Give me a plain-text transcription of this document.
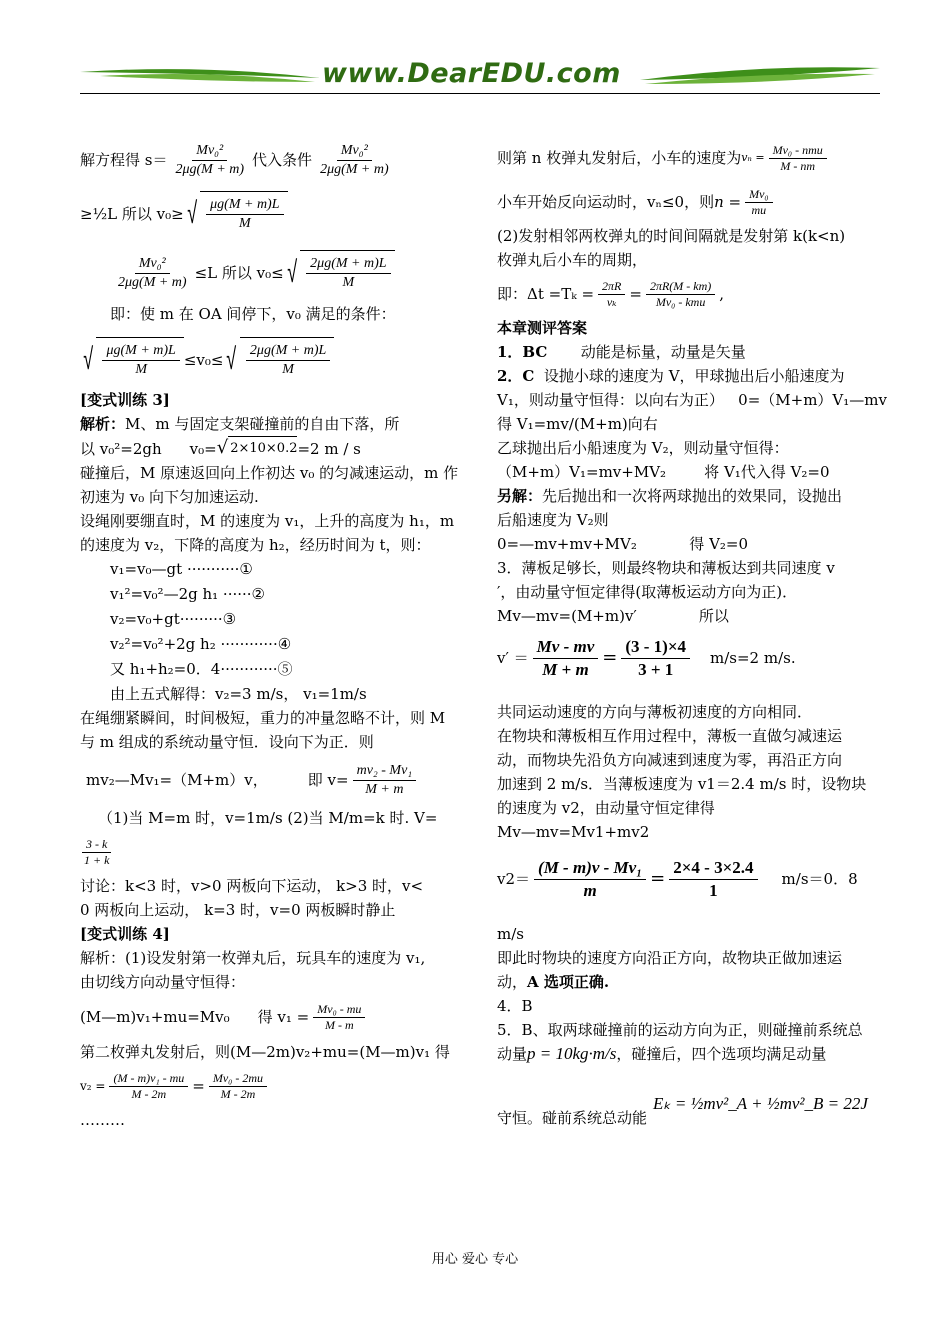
www.DearEDU.com
解方程得 $s= \frac{\text{Mv₀²}}{2\mu g(M + m)}$ 代入条件 $\frac{\text{Mv₀²}}{2\mu g(M + m)}$
≥½L 所以 v₀≥ √ $\frac{\mu g(M + m)L}{M}$
$\frac{\text{Mv₀²}}{2\mu g(M + m)} \le L$ 所以 v₀≤ √ $\frac{2\mu g(M + m)L}{M}$
即：使 m 在 OA 间停下，v₀ 满足的条件：
√ $\frac{\mu g(M + m)L}{M} \le v_0\le$ √ $\frac{2\mu g(M + m)L}{M}$
[变式训练 3]
解析：M、m 与固定支架碰撞前的自由下落，所
以 v₀²=2gh v₀= √ 2×10×0.2 =2 m / s
碰撞后，M 原速返回向上作初达 v₀ 的匀减速运动，m 作
初速为 v₀ 向下匀加速运动.
设绳刚要绷直时，M 的速度为 v₁，上升的高度为 h₁，m
的速度为 v₂，下降的高度为 h₂，经历时间为 t，则：
v₁=v₀—gt ···········①
v₁²=v₀²—2g h₁ ······②
v₂=v₀+gt·········③
v₂²=v₀²+2g h₂ ············④
又 h₁+h₂=0．4············⑤
由上五式解得：v₂=3 m/s， v₁=1m/s
在绳绷紧瞬间，时间极短，重力的冲量忽略不计，则 M
与 m 组成的系统动量守恒．设向下为正．则
mv₂—Mv₁=（M+m）v，	即 $v= \frac{\text{mv₂ - Mv₁}}{M + m}$
（1)当 M=m 时，v=1m/s (2)当 M/m=k 时. V=
$\frac{3 - k}{1 + k}$
讨论：k<3 时，v>0 两板向下运动， k>3 时，v<
0 两板向上运动， k=3 时，v=0 两板瞬时静止
[变式训练 4]
解析：(1)设发射第一枚弹丸后，玩具车的速度为 v₁,
由切线方向动量守恒得：
(M—m)v₁+mu=Mv₀ 得 $v_1 = \frac{\text{Mv₀ - mu}}{M - m}$
第二枚弹丸发射后，则(M—2m)v₂+mu=(M—m)v₁ 得
$v_2 = \frac{\text{(M - m)v₁ - mu}}{M - 2m} = \frac{\text{Mv₀ - 2mu}}{M - 2m}$
………
则第 n 枚弹丸发射后，小车的速度为 $v_n = \frac{\text{Mv₀ - nmu}}{M - nm}$
小车开始反向运动时，vₙ≤0，则 $n = \frac{\text{Mv₀}}{mu}$
(2)发射相邻两枚弹丸的时间间隔就是发射第 k(k<n)
枚弹丸后小车的周期，
即：$\Delta t =T_k = \frac{2\pi R}{\text{vₖ}} = \frac{2\pi R(M - km)}{\text{Mv₀ - kmu}}$ ,
本章测评答案
1．BC       动能是标量，动量是矢量
2．C  设抛小球的速度为 V，甲球抛出后小船速度为
V₁，则动量守恒得：以向右为正）   0=（M+m）V₁—mv
得 V₁=mv/(M+m)向右
乙球抛出后小船速度为 V₂，则动量守恒得：
（M+m）V₁=mv+MV₂        将 V₁代入得 V₂=0
另解：先后抛出和一次将两球抛出的效果同，设抛出
后船速度为 V₂则
0=—mv+mv+MV₂           得 V₂=0
3．薄板足够长，则最终物块和薄板达到共同速度 v
′，由动量守恒定律得(取薄板运动方向为正)．
Mv—mv=(M+m)v′             所以
$v' = \frac{Mv - mv}{M + m} = \frac{(3 - 1)\times 4}{3 + 1} m/s=2$ m/s.
共同运动速度的方向与薄板初速度的方向相同．
在物块和薄板相互作用过程中，薄板一直做匀减速运
动，而物块先沿负方向减速到速度为零，再沿正方向
加速到 2 m/s．当薄板速度为 v1＝2.4 m/s 时，设物块
的速度为 v2，由动量守恒定律得
Mv—mv=Mv1+mv2
$v2= \frac{\text{(M - m)v - Mv₁}}{m} = \frac{2\times 4 - 3\times 2.4}{1} m/s=0$．8
m/s
即此时物块的速度方向沿正方向，故物块正做加速运
动，A 选项正确.
4．B
5．B、取两球碰撞前的运动方向为正，则碰撞前系统总
动量 p = 10kg·m/s ，碰撞后，四个选项均满足动量
守恒。碰前系统总动能
Eₖ = ½mv²_A + ½mv²_B = 22J
用心 爱心 专心
